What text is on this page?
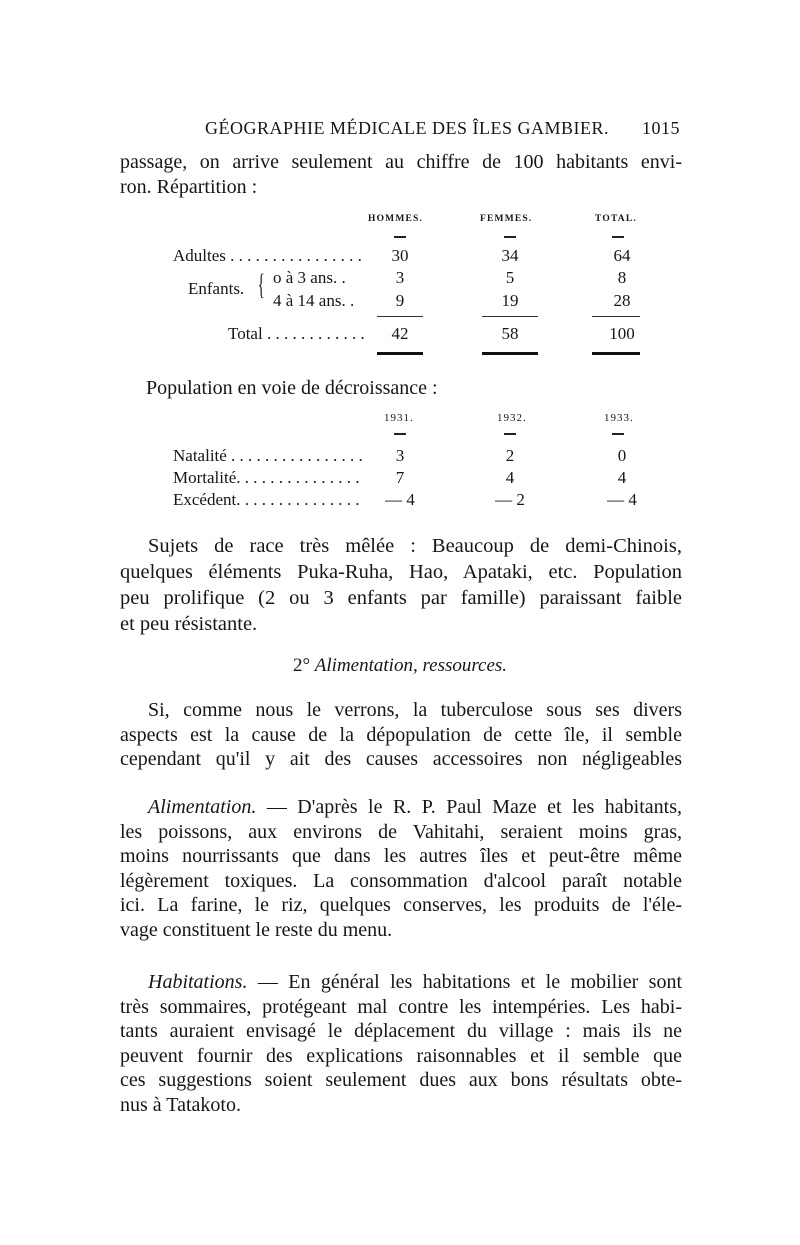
GÉOGRAPHIE MÉDICALE DES ÎLES GAMBIER. 1015
passage, on arrive seulement au chiffre de 100 habitants envi-
ron. Répartition :
HOMMES.	FEMMES.	TOTAL.
Adultes . . . . . . . . . . . . . . . .	30	34	64
Enfants. { o à 3 ans. .	3	5	8
4 à 14 ans. .	9	19	28
Total . . . . . . . . . . . .	42	58	100
Population en voie de décroissance :
1931.	1932.	1933.
Natalité . . . . . . . . . . . . . . . .	3	2	0
Mortalité. . . . . . . . . . . . . . .	7	4	4
Excédent. . . . . . . . . . . . . . .	— 4	— 2	— 4
Sujets de race très mêlée : Beaucoup de demi-Chinois,
quelques éléments Puka-Ruha, Hao, Apataki, etc. Population
peu prolifique (2 ou 3 enfants par famille) paraissant faible
et peu résistante.
2° Alimentation, ressources.
Si, comme nous le verrons, la tuberculose sous ses divers
aspects est la cause de la dépopulation de cette île, il semble
cependant qu'il y ait des causes accessoires non négligeables
Alimentation. — D'après le R. P. Paul Maze et les habitants,
les poissons, aux environs de Vahitahi, seraient moins gras,
moins nourrissants que dans les autres îles et peut-être même
légèrement toxiques. La consommation d'alcool paraît notable
ici. La farine, le riz, quelques conserves, les produits de l'éle-
vage constituent le reste du menu.
Habitations. — En général les habitations et le mobilier sont
très sommaires, protégeant mal contre les intempéries. Les habi-
tants auraient envisagé le déplacement du village : mais ils ne
peuvent fournir des explications raisonnables et il semble que
ces suggestions soient seulement dues aux bons résultats obte-
nus à Tatakoto.
